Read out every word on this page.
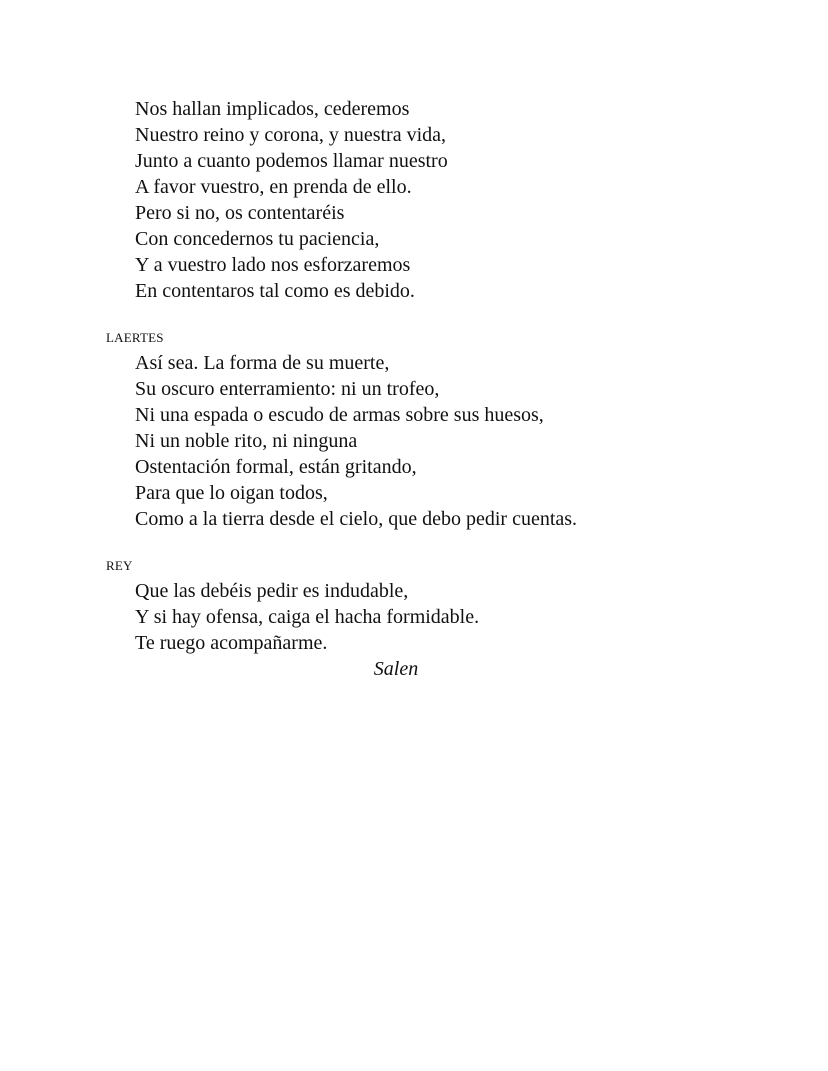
Nos hallan implicados, cederemos
Nuestro reino y corona, y nuestra vida,
Junto a cuanto podemos llamar nuestro
A favor vuestro, en prenda de ello.
Pero si no, os contentaréis
Con concedernos tu paciencia,
Y a vuestro lado nos esforzaremos
En contentaros tal como es debido.
laertes
Así sea. La forma de su muerte,
Su oscuro enterramiento: ni un trofeo,
Ni una espada o escudo de armas sobre sus huesos,
Ni un noble rito, ni ninguna
Ostentación formal, están gritando,
Para que lo oigan todos,
Como a la tierra desde el cielo, que debo pedir cuentas.
rey
Que las debéis pedir es indudable,
Y si hay ofensa, caiga el hacha formidable.
Te ruego acompañarme.
Salen
